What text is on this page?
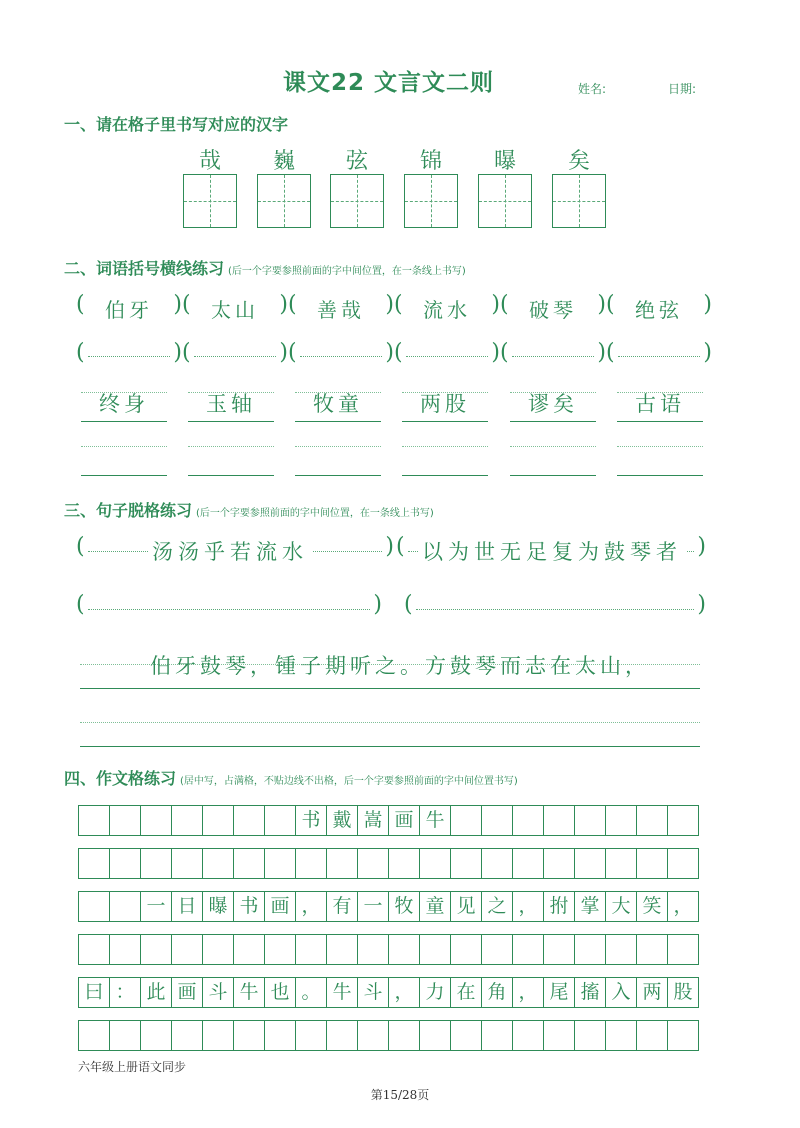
课文22 文言文二则	姓名:	日期:
一、请在格子里书写对应的汉字
哉	巍	弦	锦	曝	矣
二、词语括号横线练习 (后一个字要参照前面的字中间位置，在一条线上书写)
(	伯牙 ) (	太山 ) (	善哉 ) (	流水 ) (	破琴 ) (	绝弦 )
(	) (	) (	) (	) (	) (	)
终身	玉轴	牧童	两股	谬矣	古语
三、句子脱格练习 (后一个字要参照前面的字中间位置，在一条线上书写)
(	汤汤乎若流水	) ( 以为世无足复为鼓琴者 )
(	) (	)
伯牙鼓琴，锺子期听之。方鼓琴而志在太山，
四、作文格练习 (居中写，占满格，不贴边线不出格，后一个字要参照前面的字中间位置书写)
书 戴 嵩 画 牛
一 日 曝 书 画 ， 有 一 牧 童 见 之 ， 拊 掌 大 笑 ，
曰 ： 此 画 斗 牛 也 。 牛 斗 ， 力 在 角 ， 尾 搐 入 两 股
六年级上册语文同步
第15/28页
